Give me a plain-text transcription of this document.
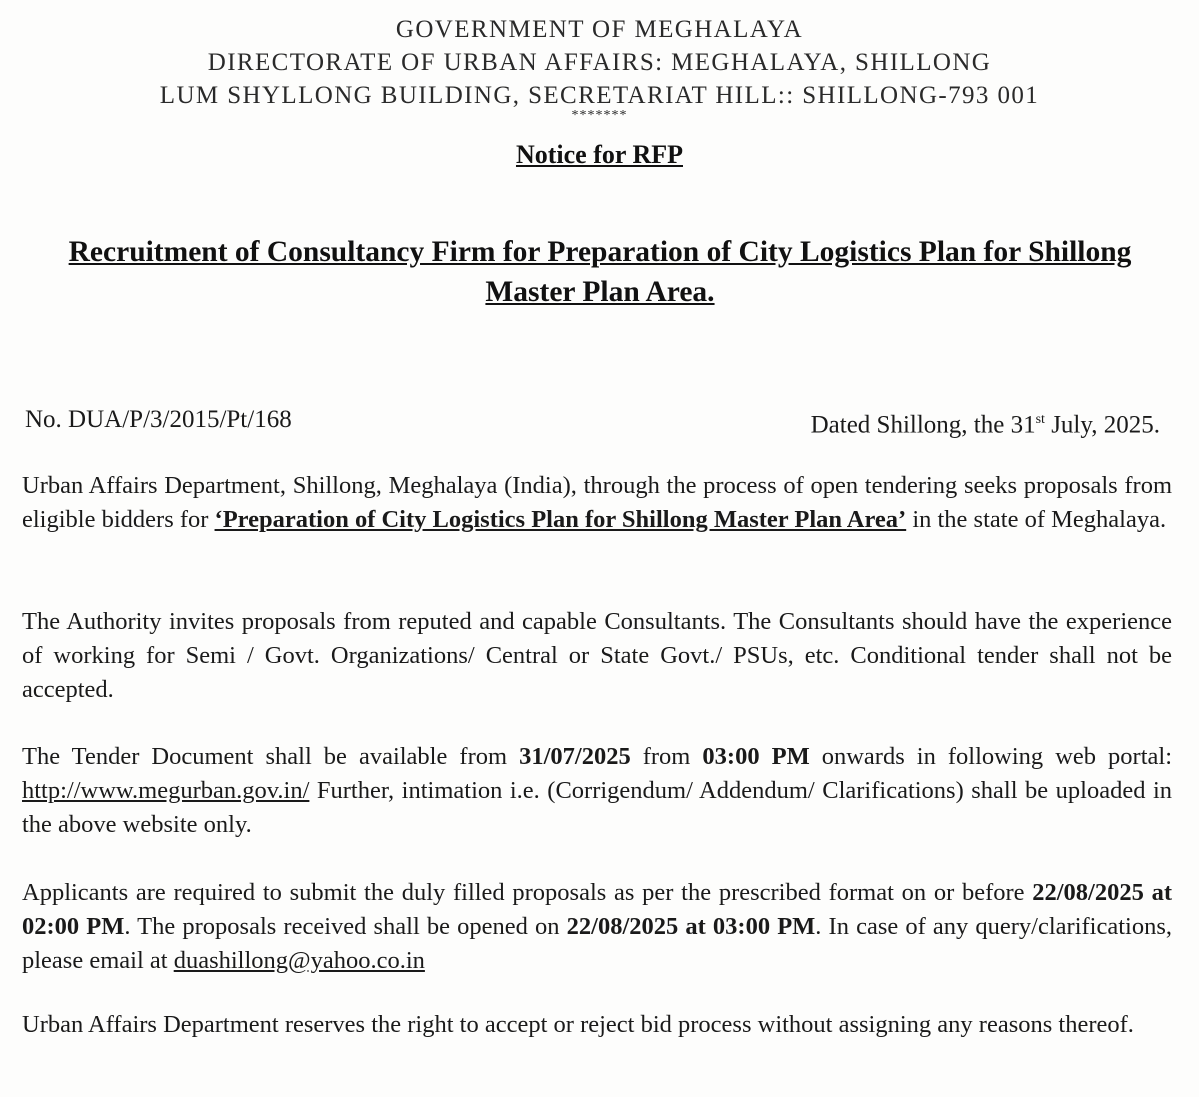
GOVERNMENT OF MEGHALAYA
DIRECTORATE OF URBAN AFFAIRS: MEGHALAYA, SHILLONG
LUM SHYLLONG BUILDING, SECRETARIAT HILL:: SHILLONG-793 001
*******
Notice for RFP
Recruitment of Consultancy Firm for Preparation of City Logistics Plan for Shillong Master Plan Area.
No. DUA/P/3/2015/Pt/168	Dated Shillong, the 31st July, 2025.
Urban Affairs Department, Shillong, Meghalaya (India), through the process of open tendering seeks proposals from eligible bidders for ‘Preparation of City Logistics Plan for Shillong Master Plan Area’ in the state of Meghalaya.
The Authority invites proposals from reputed and capable Consultants. The Consultants should have the experience of working for Semi / Govt. Organizations/ Central or State Govt./ PSUs, etc. Conditional tender shall not be accepted.
The Tender Document shall be available from 31/07/2025 from 03:00 PM onwards in following web portal: http://www.megurban.gov.in/ Further, intimation i.e. (Corrigendum/ Addendum/ Clarifications) shall be uploaded in the above website only.
Applicants are required to submit the duly filled proposals as per the prescribed format on or before 22/08/2025 at 02:00 PM. The proposals received shall be opened on 22/08/2025 at 03:00 PM. In case of any query/clarifications, please email at duashillong@yahoo.co.in
Urban Affairs Department reserves the right to accept or reject bid process without assigning any reasons thereof.
